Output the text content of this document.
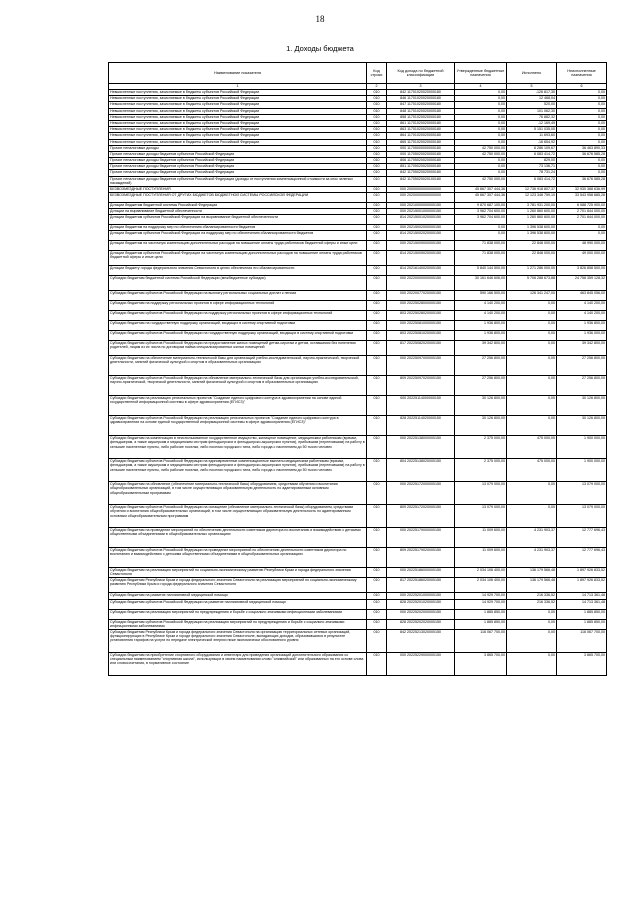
18
1. Доходы бюджета
Наименование показателя	Код строки	Код дохода по бюджетной классификации	Утвержденные бюджетные назначения	Исполнено	Неисполненные назначения
1	2	3	4	5	6
Невыясненные поступления, зачисляемые в бюджеты субъектов Российской Федерации	010	842 11701020020000180	0,00	-126 817,30	0,00
Невыясненные поступления, зачисляемые в бюджеты субъектов Российской Федерации	010	846 11701020020000180	0,00	12 468,04	0,00
Невыясненные поступления, зачисляемые в бюджеты субъектов Российской Федерации	010	847 11701020020000180	0,00	520,00	0,00
Невыясненные поступления, зачисляемые в бюджеты субъектов Российской Федерации	010	848 11701020020000180	0,00	101 062,30	0,00
Невыясненные поступления, зачисляемые в бюджеты субъектов Российской Федерации	010	858 11701020020000180	0,00	76 882,32	0,00
Невыясненные поступления, зачисляемые в бюджеты субъектов Российской Федерации	010	861 11701020020000180	0,00	-12 169,49	0,00
Невыясненные поступления, зачисляемые в бюджеты субъектов Российской Федерации	010	863 11701020020000180	0,00	5 151 035,00	0,00
Невыясненные поступления, зачисляемые в бюджеты субъектов Российской Федерации	010	864 11701020020000180	0,00	11 693,60	0,00
Невыясненные поступления, зачисляемые в бюджеты субъектов Российской Федерации	010	865 11701020020000180	0,00	-16 654,92	0,00
Прочие неналоговые доходы	010	000 11705000000000180	42 750 000,00	6 286 109,67	36 463 890,33
Прочие неналоговые доходы бюджетов субъектов Российской Федерации	010	000 11705020020000180	42 750 000,00	6 083 414,72	36 676 585,28
Прочие неналоговые доходы бюджетов субъектов Российской Федерации	010	806 11705020020000180	0,00	829,00	0,00
Прочие неналоговые доходы бюджетов субъектов Российской Федерации	010	851 11705020020000180	0,00	73 136,71	0,00
Прочие неналоговые доходы бюджетов субъектов Российской Федерации	010	842 11705020020000180	0,00	78 731,24	0,00
Прочие неналоговые доходы бюджетов субъектов Российской Федерации (доходы от поступления компенсационной стоимости за снос зеленых насаждений)	010	842 11705020020100180	42 750 000,00	6 083 414,72	36 676 585,28
БЕЗВОЗМЕЗДНЫЕ ПОСТУПЛЕНИЯ	010	000 20000000000000000	45 667 307 444,36	12 736 918 807,37	32 930 388 636,99
БЕЗВОЗМЕЗДНЫЕ ПОСТУПЛЕНИЯ ОТ ДРУГИХ БЮДЖЕТОВ БЮДЖЕТНОЙ СИСТЕМЫ РОССИЙСКОЙ ФЕДЕРАЦИИ	010	000 20200000000000000	45 667 307 444,36	12 123 348 759,10	33 543 958 685,26
Дотации бюджетам бюджетной системы Российской Федерации	010	000 20210000000000150	9 870 687 100,00	3 781 931 200,00	6 088 725 900,00
Дотации на выравнивание бюджетной обеспеченности	010	000 20215001000000150	3 962 704 600,00	1 260 860 600,00	2 701 844 000,00
Дотации бюджетам субъектов Российской Федерации на выравнивание бюджетной обеспеченности	010	814 20215001020000150	3 962 704 600,00	1 260 860 600,00	2 701 844 000,00
Дотации бюджетам на поддержку мер по обеспечению сбалансированности бюджетов	010	000 20215002000000150	0,00	1 396 538 600,00	0,00
Дотации бюджетам субъектов Российской Федерации на поддержку мер по обеспечению сбалансированности бюджетов	010	814 20215002020000150	0,00	1 396 538 600,00	0,00
Дотации бюджетам на частичную компенсацию дополнительных расходов на повышение оплаты труда работников бюджетной сферы и иные цели	010	000 20215009000000150	71 838 000,00	22 848 000,00	48 990 000,00
Дотации бюджетам субъектов Российской Федерации на частичную компенсацию дополнительных расходов на повышение оплаты труда работников бюджетной сферы и иные цели	010	814 20215009020000150	71 838 000,00	22 848 000,00	49 000 000,00
Дотации бюджету города федерального значения Севастополя в целях обеспечения его сбалансированности	010	814 20216140020000150	5 840 144 500,00	1 271 286 000,00	3 826 858 500,00
Субсидии бюджетам бюджетной системы Российской Федерации (межбюджетные субсидии)	010	000 20220000000000150	30 161 646 606,00	5 706 288 673,88	24 758 359 128,32
Субсидии бюджетам субъектов Российской Федерации на выплату региональных социальных доплат к пенсии	010	000 20220077020000150	590 166 500,00	126 341 247,00	463 845 056,00
Субсидии бюджетам на поддержку региональных проектов в сфере информационных технологий	010	000 20225028000000150	4 140 200,00	0,00	4 140 200,00
Субсидии бюджетам субъектов Российской Федерации на поддержку региональных проектов в сфере информационных технологий	010	803 20225028020000150	4 140 200,00	0,00	4 140 200,00
Субсидии бюджетам на государственную поддержку организаций, входящих в систему спортивной подготовки	010	000 20225081000000150	1 936 800,00	0,00	1 936 800,00
Субсидии бюджетам субъектов Российской Федерации на государственную поддержку организаций, входящих в систему спортивной подготовки	010	803 20225081020000150	1 936 800,00	0,00	1 936 000,00
Субсидии бюджетам субъектов Российской Федерации на предоставление жилых помещений детям-сиротам и детям, оставшимся без попечения родителей, лицам из их числа по договорам найма специализированных жилых помещений	010	817 20225082020000150	39 342 800,00	0,00	39 342 800,00
Субсидии бюджетам на обеспечение материально-технической базы для организаций учебно-исследовательской, научно-практической, творческой деятельности, занятий физической культурой и спортом в образовательных организациях	010	000 20225097000000150	27 256 800,00	0,00	27 256 800,00
Субсидии бюджетам субъектов Российской Федерации на обновление материально-технической базы для организации учебно-исследовательской, научно-практической, творческой деятельности, занятий физической культурой и спортом в образовательных организациях	010	809 20225097020000150	27 256 800,00	0,00	27 256 800,00
Субсидии бюджетам на реализацию региональных проектов "Создание единого цифрового контура в здравоохранении на основе единой государственной информационной системы в сфере здравоохранения (ЕГИСЗ)"	010	000 20225114000000150	30 126 800,00	0,00	30 126 800,00
Субсидии бюджетам субъектов Российской Федерации на реализацию региональных проектов "Создание единого цифрового контура в здравоохранении на основе единой государственной информационной системы в сфере здравоохранения (ЕГИСЗ)"	010	828 20225114020000150	30 126 800,00	0,00	30 126 800,00
Субсидии бюджетам на компенсацию в неиспользованное государственное имущество, жилищное помещение, медицинским работникам (врачам, фельдшерам, а также акушеркам и медицинским сестрам фельдшерских и фельдшерско-акушерских пунктов), прибывшим (переехавшим) на работу в сельские населенные пункты, либо рабочие поселки, либо поселки городского типа, либо города с населением до 50 тысяч человек	010	000 20225138000000150	2 375 000,00	475 000,00	1 900 000,00
Субсидии бюджетам субъектов Российской Федерации на единовременные компенсационные выплаты медицинским работникам (врачам, фельдшерам, а также акушеркам и медицинским сестрам фельдшерских и фельдшерско-акушерских пунктов), прибывшим (переехавшим) на работу в сельские населенные пункты, либо рабочие поселки, либо поселки городского типа, либо города с населением до 50 тысяч человек	010	804 20225138020000150	2 375 000,00	475 000,00	1 900 000,00
Субсидии бюджетам на обновление (обеспечение материально-технической базы) оборудованием, средствами обучения и воспитания общеобразовательных организаций, в том числе осуществляющих образовательную деятельность по адаптированным основным общеобразовательным программам	010	000 20225172000000150	13 079 000,00	0,00	13 079 000,00
Субсидии бюджетам субъектов Российской Федерации на оснащение (обновление материально-технической базы) оборудованием, средствами обучения и воспитания общеобразовательных организаций, в том числе осуществляющих образовательную деятельность по адаптированным основным общеобразовательным программам	010	809 20225172020000150	13 079 000,00	0,00	13 079 000,00
Субсидии бюджетам на проведение мероприятий по обеспечению деятельности советников директора по воспитанию и взаимодействию с детскими общественными объединениями в общеобразовательных организациях	010	000 20225179000000150	11 009 600,00	4 231 903,37	12 777 696,43
Субсидии бюджетам субъектов Российской Федерации на проведение мероприятий по обеспечению деятельности советников директора по воспитанию и взаимодействию с детскими общественными объединениями в общеобразовательных организациях	010	809 20225179020000150	11 009 600,00	4 231 903,37	12 777 696,43
Субсидии бюджетам на реализацию мероприятий по социально-экономическому развитию Республики Крым и города федерального значения Севастополя	010	000 20225186000000150	2 034 106 400,00	136 179 566,48	1 897 926 833,52
Субсидии бюджетам Республики Крым и города федерального значения Севастополя на реализацию мероприятий по социально-экономическому развитию Республики Крым и города федерального значения Севастополя	010	817 20225186020000150	2 034 106 400,00	136 179 566,48	1 897 926 833,52
Субсидии бюджетам на развитие паллиативной медицинской помощи	010	000 20225201000000150	14 929 700,00	216 336,52	14 713 361,48
Субсидии бюджетам субъектов Российской Федерации на развитие паллиативной медицинской помощи	010	828 20225201020000150	14 929 700,00	216 336,52	14 713 361,48
Субсидии бюджетам на реализацию мероприятий по предупреждению и борьбе с социально значимыми инфекционными заболеваниями	010	000 20225202000000150	1 885 850,00	0,00	1 885 850,00
Субсидии бюджетам субъектов Российской Федерации на реализацию мероприятий по предупреждению и борьбе с социально значимыми инфекционными заболеваниями	010	828 20225202020000150	1 885 850,00	0,00	1 885 850,00
Субсидии бюджетам Республики Крым и города федерального значения Севастополя на организацию территориальных сетевых организаций, функционирующих в Республике Крым и городе федерального значения Севастополе, выпадающих доходов, образовавшихся в результате установления тарифов на услуги по передаче электрической энергии ниже экономически обоснованного уровня	010	842 20225213020000150	116 067 700,00	0,00	116 067 700,00
Субсидии бюджетам на приобретение спортивного оборудования и инвентаря для приведения организаций дополнительного образования со специальным наименованием "спортивная школа", использующих в своем наименовании слово "олимпийский" или образованных на его основе слова или словосочетания, в нормативное состояние	010	000 20225229000000150	3 865 700,00	0,00	3 865 700,00
